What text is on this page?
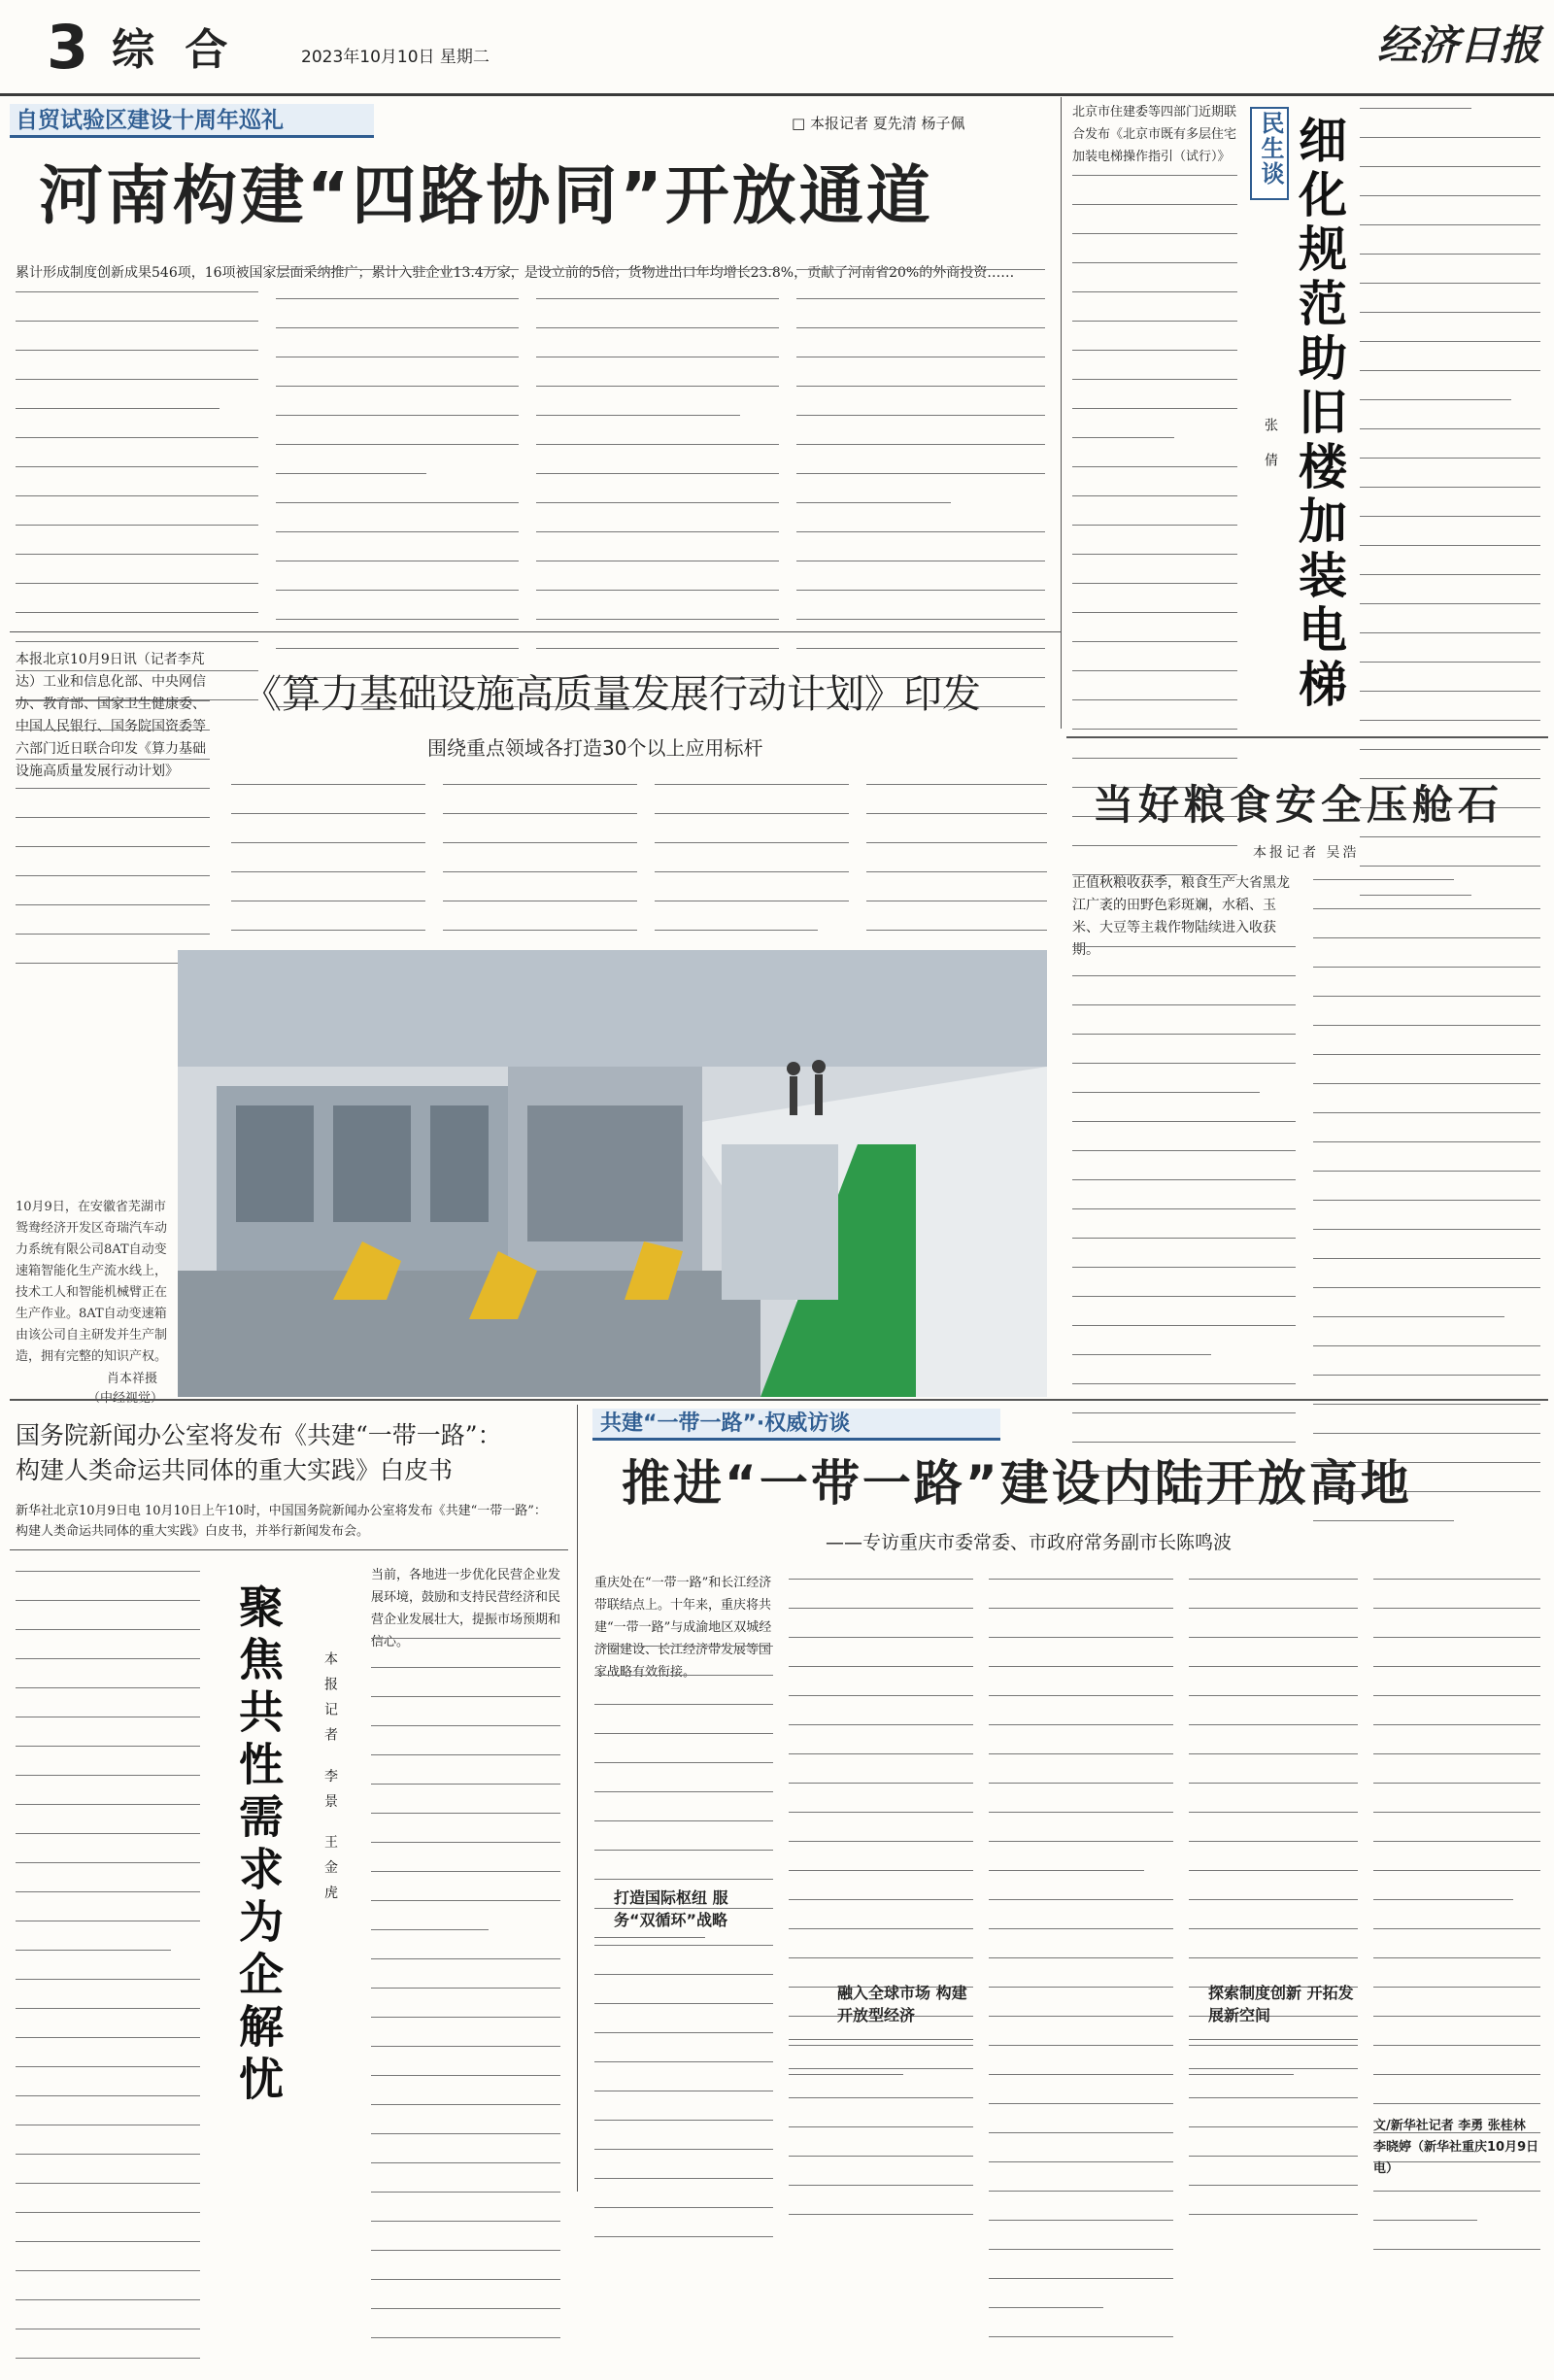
3 综 合	2023年10月10日 星期二	经济日报
自贸试验区建设十周年巡礼	□ 本报记者 夏先清 杨子佩
河南构建“四路协同”开放通道
累计形成制度创新成果546项，16项被国家层面采纳推广；累计入驻企业13.4万家，是设立前的5倍；货物进出口年均增长23.8%，贡献了河南省20%的外商投资……
本报北京10月9日讯（记者李芃达）工业和信息化部、中央网信办、教育部、国家卫生健康委、中国人民银行、国务院国资委等六部门近日联合印发《算力基础设施高质量发展行动计划》
《算力基础设施高质量发展行动计划》印发
围绕重点领域各打造30个以上应用标杆
10月9日，在安徽省芜湖市鸳鸯经济开发区奇瑞汽车动力系统有限公司8AT自动变速箱智能化生产流水线上，技术工人和智能机械臂正在生产作业。8AT自动变速箱由该公司自主研发并生产制造，拥有完整的知识产权。
肖本祥摄
民生谈 细化规范助旧楼加装电梯
张倩
北京市住建委等四部门近期联合发布《北京市既有多层住宅加装电梯操作指引（试行）》
当好粮食安全压舱石
本报记者 吴浩
正值秋粮收获季，粮食生产大省黑龙江广袤的田野色彩斑斓，水稻、玉米、大豆等主栽作物陆续进入收获期。
国务院新闻办公室将发布《共建“一带一路”：
构建人类命运共同体的重大实践》白皮书
新华社北京10月9日电 10月10日上午10时，中国国务院新闻办公室将发布《共建“一带一路”：构建人类命运共同体的重大实践》白皮书，并举行新闻发布会。
聚焦共性需求为企解忧	本报记者 李景 王金虎
当前，各地进一步优化民营企业发展环境，鼓励和支持民营经济和民营企业发展壮大，提振市场预期和信心。
共建“一带一路”·权威访谈
推进“一带一路”建设内陆开放高地
——专访重庆市委常委、市政府常务副市长陈鸣波
重庆处在“一带一路”和长江经济带联结点上。十年来，重庆将共建“一带一路”与成渝地区双城经济圈建设、长江经济带发展等国家战略有效衔接。
打造国际枢纽 服务“双循环”战略
融入全球市场 构建开放型经济
探索制度创新 开拓发展新空间
文/新华社记者 李勇 张桂林 李晓婷（新华社重庆10月9日电）
